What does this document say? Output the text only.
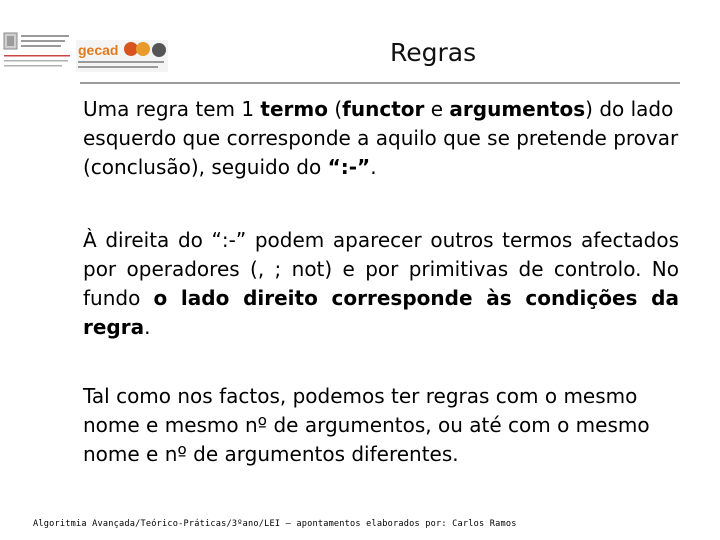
gecad	Regras

Uma regra tem 1 termo (functor e argumentos) do lado esquerdo que corresponde a aquilo que se pretende provar (conclusão), seguido do “:-”.

À direita do “:-” podem aparecer outros termos afectados por operadores (, ; not) e por primitivas de controlo. No fundo o lado direito corresponde às condições da regra.

Tal como nos factos, podemos ter regras com o mesmo nome e mesmo nº de argumentos, ou até com o mesmo nome e nº de argumentos diferentes.

Algoritmia Avançada/Teórico-Práticas/3ºano/LEI – apontamentos elaborados por: Carlos Ramos
